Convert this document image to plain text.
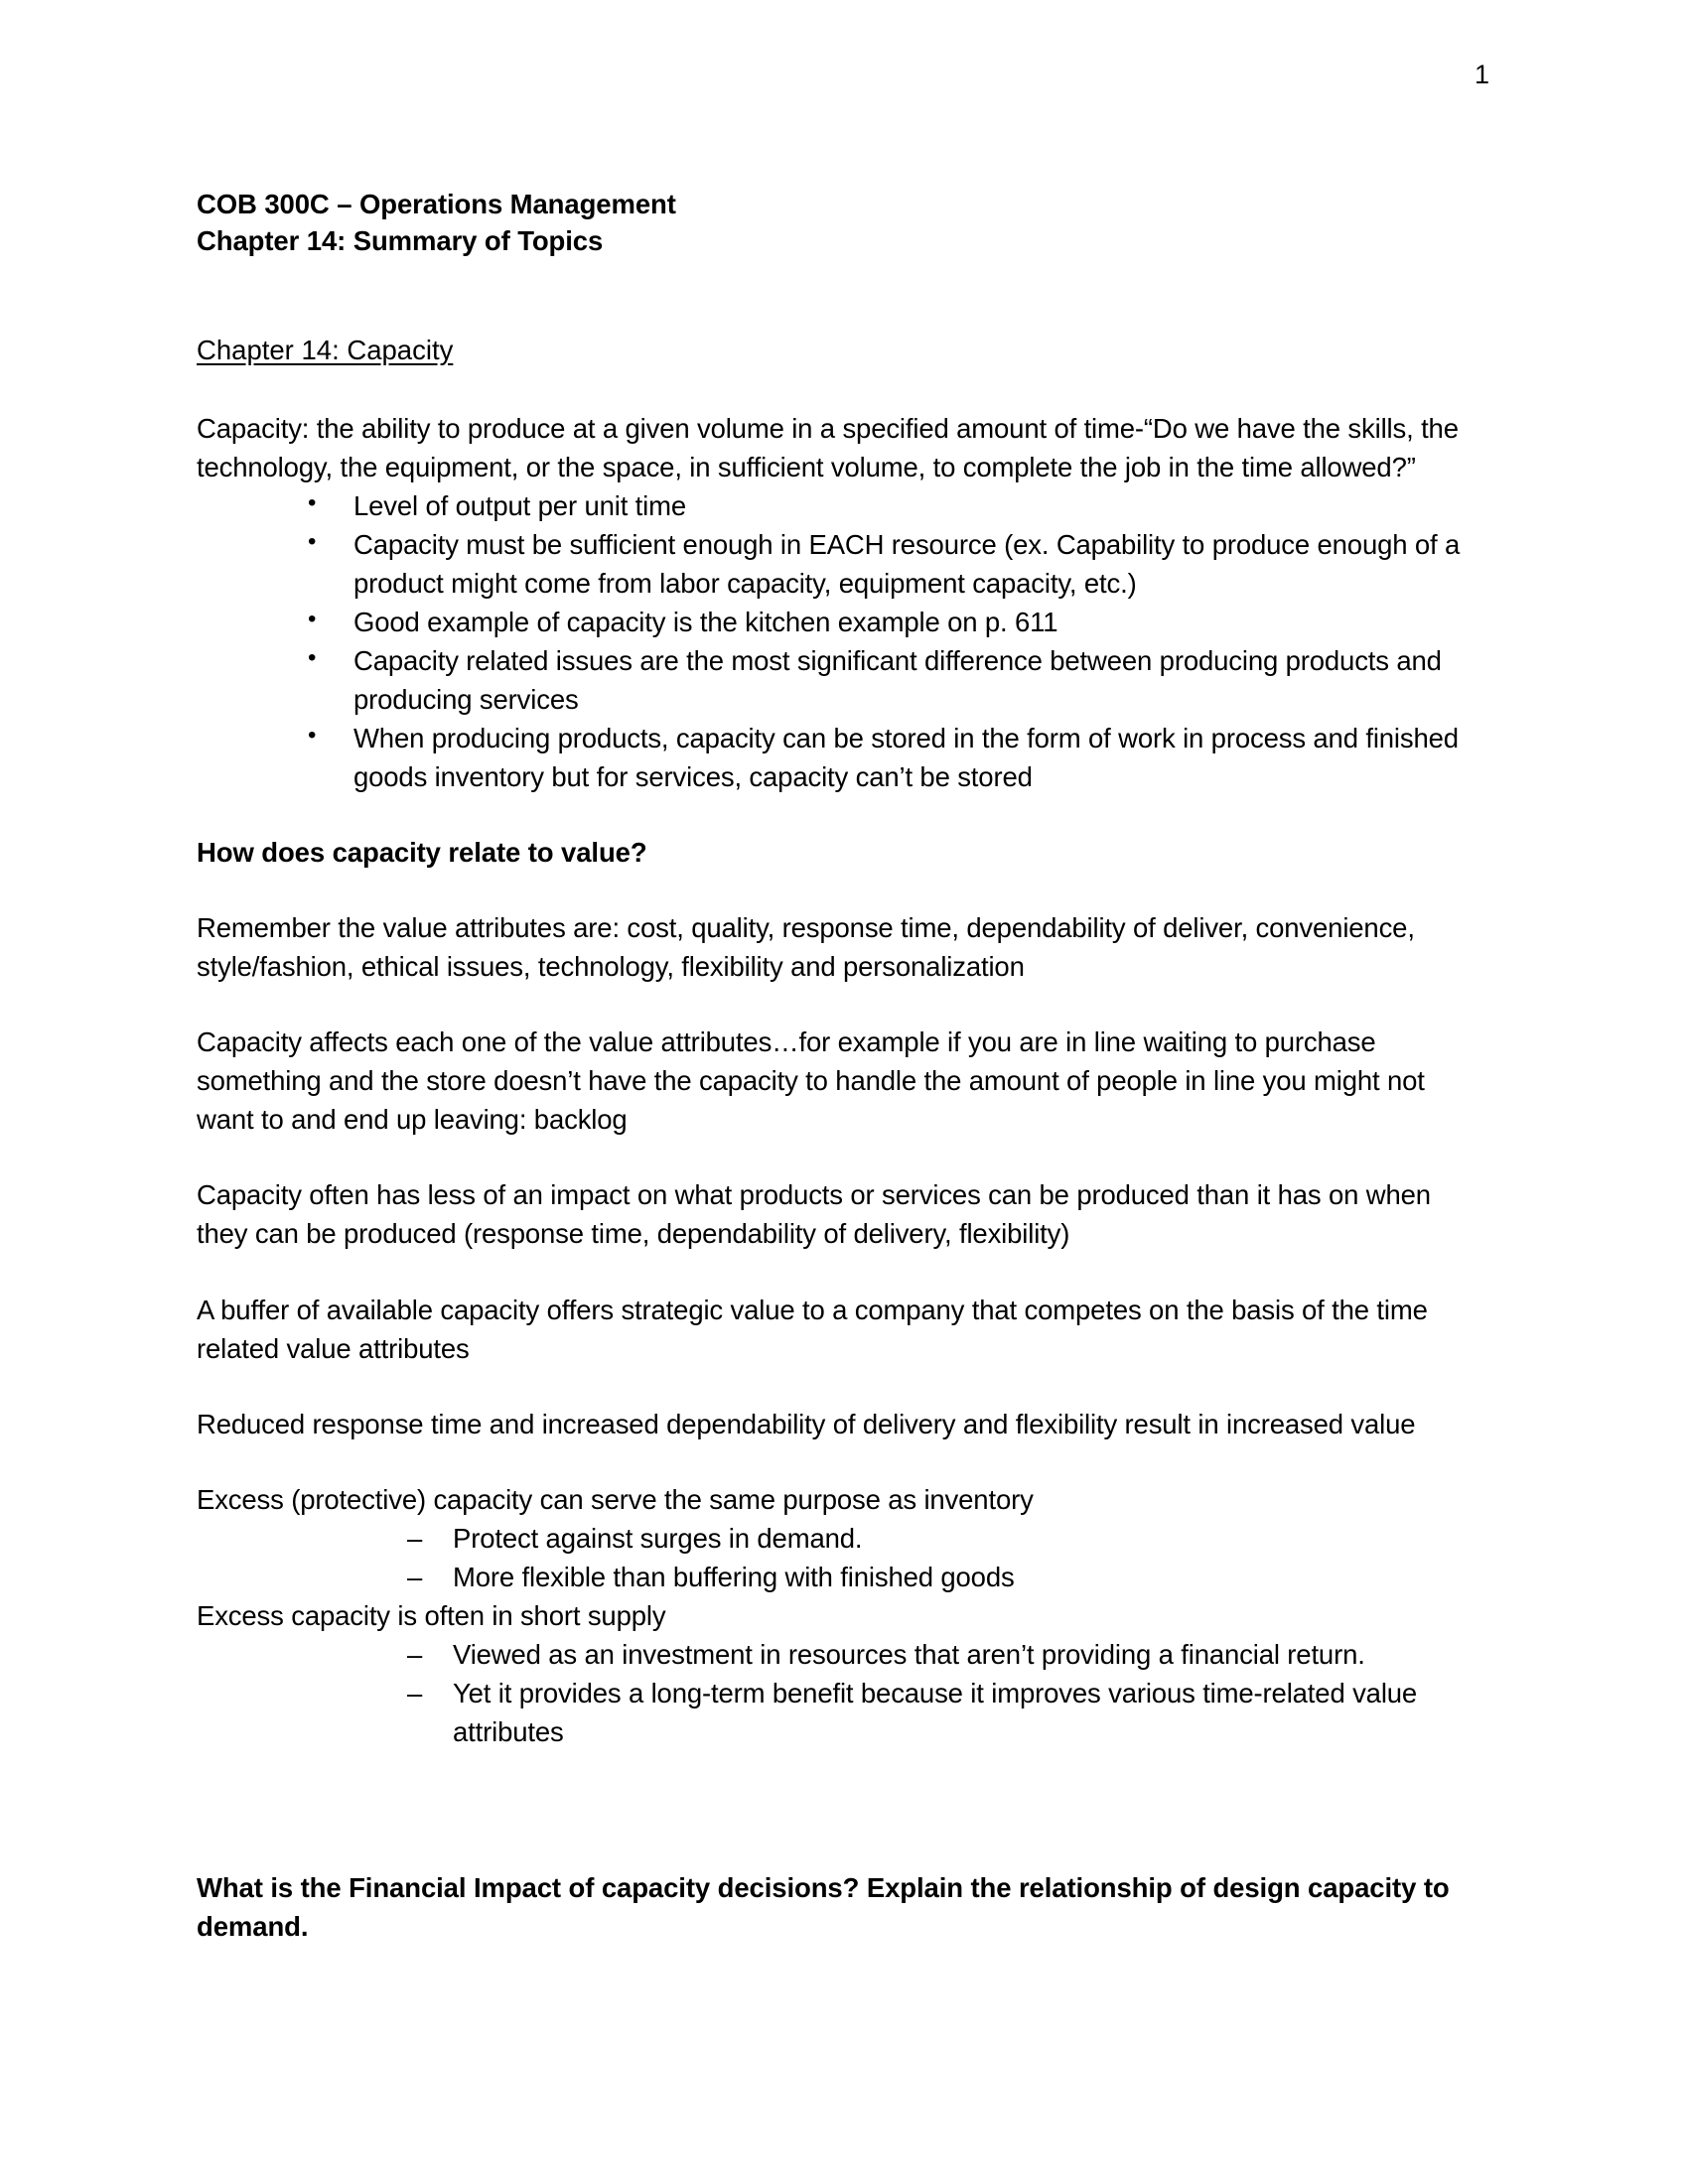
1
COB 300C – Operations Management
Chapter 14: Summary of Topics
Chapter 14: Capacity
Capacity: the ability to produce at a given volume in a specified amount of time-“Do we have the skills, the technology, the equipment, or the space, in sufficient volume, to complete the job in the time allowed?”
• Level of output per unit time
• Capacity must be sufficient enough in EACH resource (ex. Capability to produce enough of a product might come from labor capacity, equipment capacity, etc.)
• Good example of capacity is the kitchen example on p. 611
• Capacity related issues are the most significant difference between producing products and producing services
• When producing products, capacity can be stored in the form of work in process and finished goods inventory but for services, capacity can’t be stored
How does capacity relate to value?
Remember the value attributes are: cost, quality, response time, dependability of deliver, convenience, style/fashion, ethical issues, technology, flexibility and personalization
Capacity affects each one of the value attributes…for example if you are in line waiting to purchase something and the store doesn’t have the capacity to handle the amount of people in line you might not want to and end up leaving: backlog
Capacity often has less of an impact on what products or services can be produced than it has on when they can be produced (response time, dependability of delivery, flexibility)
A buffer of available capacity offers strategic value to a company that competes on the basis of the time related value attributes
Reduced response time and increased dependability of delivery and flexibility result in increased value
Excess (protective) capacity can serve the same purpose as inventory
– Protect against surges in demand.
– More flexible than buffering with finished goods
Excess capacity is often in short supply
– Viewed as an investment in resources that aren’t providing a financial return.
– Yet it provides a long-term benefit because it improves various time-related value attributes
What is the Financial Impact of capacity decisions? Explain the relationship of design capacity to demand.
